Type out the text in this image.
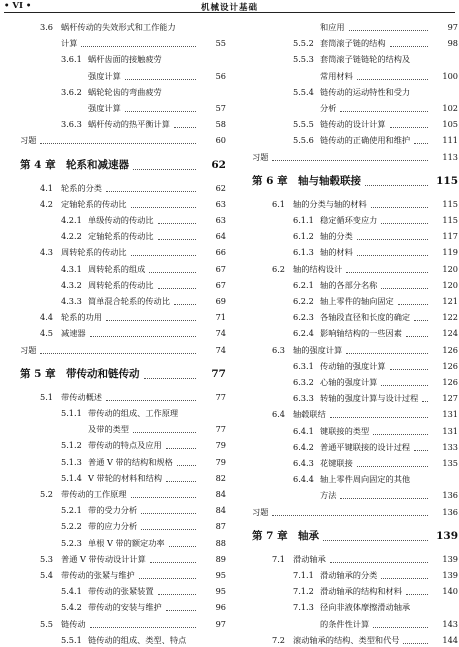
• VI •	机械设计基础
3.6 蜗杆传动的失效形式和工作能力
计算	55
3.6.1 蜗杆齿面的接触疲劳
强度计算	56
3.6.2 蜗轮轮齿的弯曲疲劳
强度计算	57
3.6.3 蜗杆传动的热平衡计算	58
习题	60
第 4 章 轮系和减速器	62
4.1 轮系的分类	62
4.2 定轴轮系的传动比	63
4.2.1 单级传动的传动比	63
4.2.2 定轴轮系的传动比	64
4.3 周转轮系的传动比	66
4.3.1 周转轮系的组成	67
4.3.2 周转轮系的传动比	67
4.3.3 简单混合轮系的传动比	69
4.4 轮系的功用	71
4.5 减速器	74
习题	74
第 5 章 带传动和链传动	77
5.1 带传动概述	77
5.1.1 带传动的组成、工作原理
及带的类型	77
5.1.2 带传动的特点及应用	79
5.1.3 普通 V 带的结构和规格	79
5.1.4 V 带轮的材料和结构	82
5.2 带传动的工作原理	84
5.2.1 带的受力分析	84
5.2.2 带的应力分析	87
5.2.3 单根 V 带的额定功率	88
5.3 普通 V 带传动设计计算	89
5.4 带传动的张紧与维护	95
5.4.1 带传动的张紧装置	95
5.4.2 带传动的安装与维护	96
5.5 链传动	97
5.5.1 链传动的组成、类型、特点
和应用	97
5.5.2 套筒滚子链的结构	98
5.5.3 套筒滚子链链轮的结构及
常用材料	100
5.5.4 链传动的运动特性和受力
分析	102
5.5.5 链传动的设计计算	105
5.5.6 链传动的正确使用和维护	111
习题	113
第 6 章 轴与轴毂联接	115
6.1 轴的分类与轴的材料	115
6.1.1 稳定循环变应力	115
6.1.2 轴的分类	117
6.1.3 轴的材料	119
6.2 轴的结构设计	120
6.2.1 轴的各部分名称	120
6.2.2 轴上零件的轴向固定	121
6.2.3 各轴段直径和长度的确定	122
6.2.4 影响轴结构的一些因素	124
6.3 轴的强度计算	126
6.3.1 传动轴的强度计算	126
6.3.2 心轴的强度计算	126
6.3.3 转轴的强度计算与设计过程	127
6.4 轴毂联结	131
6.4.1 键联接的类型	131
6.4.2 普通平键联接的设计过程	133
6.4.3 花键联接	135
6.4.4 轴上零件周向固定的其他
方法	136
习题	136
第 7 章 轴承	139
7.1 滑动轴承	139
7.1.1 滑动轴承的分类	139
7.1.2 滑动轴承的结构和材料	140
7.1.3 径向非液体摩擦滑动轴承
的条件性计算	143
7.2 滚动轴承的结构、类型和代号	144
